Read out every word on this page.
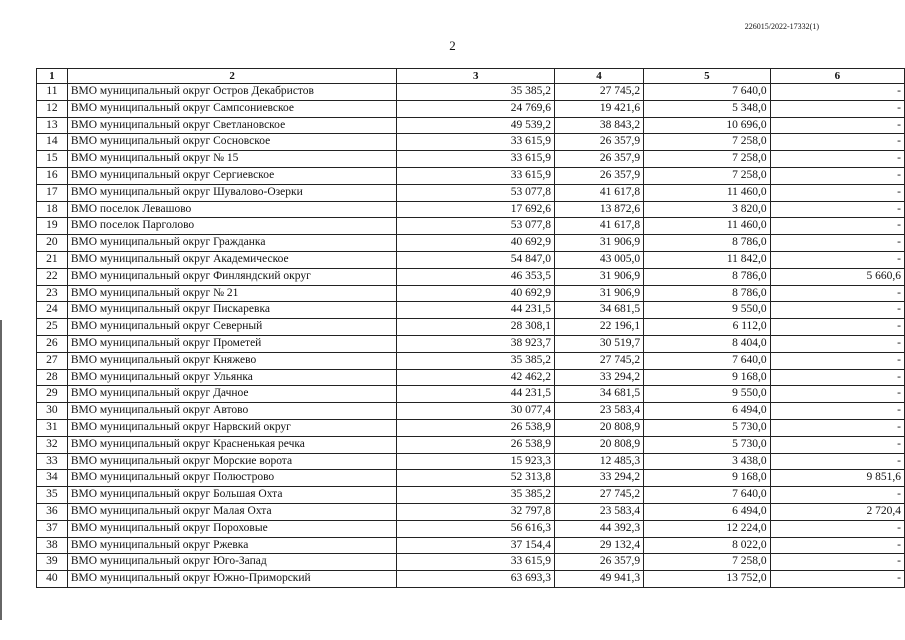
226015/2022-17332(1)
2
1	2	3	4	5	6
11	ВМО муниципальный округ Остров Декабристов	35 385,2	27 745,2	7 640,0	-
12	ВМО муниципальный округ Сампсониевское	24 769,6	19 421,6	5 348,0	-
13	ВМО муниципальный округ Светлановское	49 539,2	38 843,2	10 696,0	-
14	ВМО муниципальный округ Сосновское	33 615,9	26 357,9	7 258,0	-
15	ВМО муниципальный округ № 15	33 615,9	26 357,9	7 258,0	-
16	ВМО муниципальный округ Сергиевское	33 615,9	26 357,9	7 258,0	-
17	ВМО муниципальный округ Шувалово-Озерки	53 077,8	41 617,8	11 460,0	-
18	ВМО поселок Левашово	17 692,6	13 872,6	3 820,0	-
19	ВМО поселок Парголово	53 077,8	41 617,8	11 460,0	-
20	ВМО муниципальный округ Гражданка	40 692,9	31 906,9	8 786,0	-
21	ВМО муниципальный округ Академическое	54 847,0	43 005,0	11 842,0	-
22	ВМО муниципальный округ Финляндский округ	46 353,5	31 906,9	8 786,0	5 660,6
23	ВМО муниципальный округ № 21	40 692,9	31 906,9	8 786,0	-
24	ВМО муниципальный округ Пискаревка	44 231,5	34 681,5	9 550,0	-
25	ВМО муниципальный округ Северный	28 308,1	22 196,1	6 112,0	-
26	ВМО муниципальный округ Прометей	38 923,7	30 519,7	8 404,0	-
27	ВМО муниципальный округ Княжево	35 385,2	27 745,2	7 640,0	-
28	ВМО муниципальный округ Ульянка	42 462,2	33 294,2	9 168,0	-
29	ВМО муниципальный округ Дачное	44 231,5	34 681,5	9 550,0	-
30	ВМО муниципальный округ Автово	30 077,4	23 583,4	6 494,0	-
31	ВМО муниципальный округ Нарвский округ	26 538,9	20 808,9	5 730,0	-
32	ВМО муниципальный округ Красненькая речка	26 538,9	20 808,9	5 730,0	-
33	ВМО муниципальный округ Морские ворота	15 923,3	12 485,3	3 438,0	-
34	ВМО муниципальный округ Полюстрово	52 313,8	33 294,2	9 168,0	9 851,6
35	ВМО муниципальный округ Большая Охта	35 385,2	27 745,2	7 640,0	-
36	ВМО муниципальный округ Малая Охта	32 797,8	23 583,4	6 494,0	2 720,4
37	ВМО муниципальный округ Пороховые	56 616,3	44 392,3	12 224,0	-
38	ВМО муниципальный округ Ржевка	37 154,4	29 132,4	8 022,0	-
39	ВМО муниципальный округ Юго-Запад	33 615,9	26 357,9	7 258,0	-
40	ВМО муниципальный округ Южно-Приморский	63 693,3	49 941,3	13 752,0	-
